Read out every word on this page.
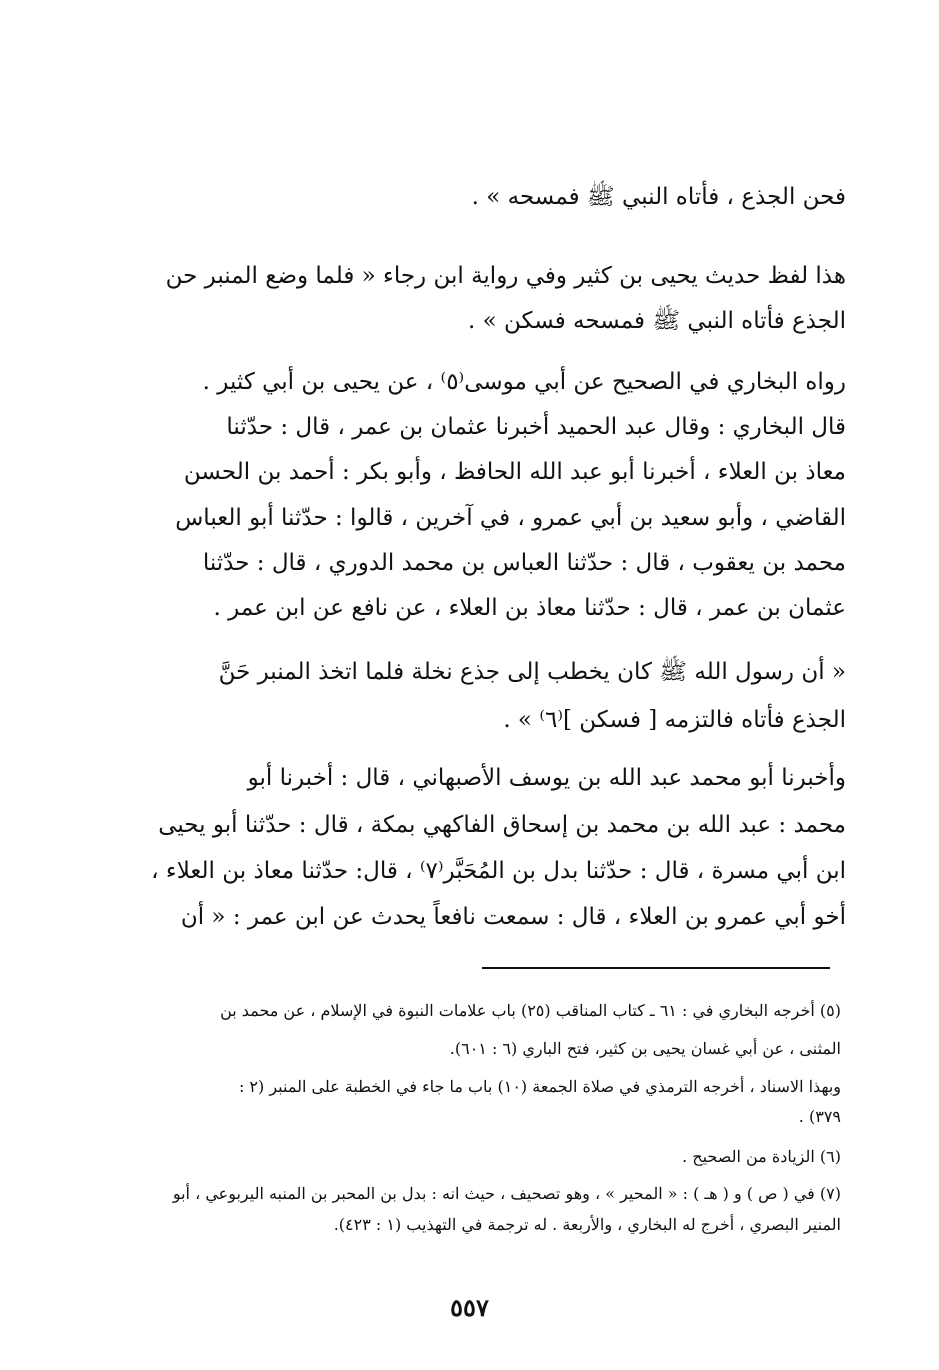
فحن الجذع ، فأتاه النبي ﷺ فمسحه » .
هذا لفظ حديث يحيى بن كثير وفي رواية ابن رجاء « فلما وضع المنبر حن
الجذع فأتاه النبي ﷺ فمسحه فسكن » .
رواه البخاري في الصحيح عن أبي موسى⁽٥⁾ ، عن يحيى بن أبي كثير .
قال البخاري : وقال عبد الحميد أخبرنا عثمان بن عمر ، قال : حدّثنا
معاذ بن العلاء ، أخبرنا أبو عبد الله الحافظ ، وأبو بكر : أحمد بن الحسن
القاضي ، وأبو سعيد بن أبي عمرو ، في آخرين ، قالوا : حدّثنا أبو العباس
محمد بن يعقوب ، قال : حدّثنا العباس بن محمد الدوري ، قال : حدّثنا
عثمان بن عمر ، قال : حدّثنا معاذ بن العلاء ، عن نافع عن ابن عمر .
« أن رسول الله ﷺ كان يخطب إلى جذع نخلة فلما اتخذ المنبر حَنَّ
الجذع فأتاه فالتزمه [ فسكن ]⁽٦⁾ » .
وأخبرنا أبو محمد عبد الله بن يوسف الأصبهاني ، قال : أخبرنا أبو
محمد : عبد الله بن محمد بن إسحاق الفاكهي بمكة ، قال : حدّثنا أبو يحيى
ابن أبي مسرة ، قال : حدّثنا بدل بن المُحَبَّر⁽٧⁾ ، قال: حدّثنا معاذ بن العلاء ،
أخو أبي عمرو بن العلاء ، قال : سمعت نافعاً يحدث عن ابن عمر : « أن
(٥) أخرجه البخاري في : ٦١ ـ كتاب المناقب (٢٥) باب علامات النبوة في الإسلام ، عن محمد بن
المثنى ، عن أبي غسان يحيى بن كثير، فتح الباري (٦ : ٦٠١).
وبهذا الاسناد ، أخرجه الترمذي في صلاة الجمعة (١٠) باب ما جاء في الخطبة على المنبر (٢ :
٣٧٩) .
(٦) الزيادة من الصحيح .
(٧) في ( ص ) و ( هـ ) : « المحير » ، وهو تصحيف ، حيث انه : بدل بن المحبر بن المنبه اليربوعي ، أبو
المنير البصري ، أخرج له البخاري ، والأربعة . له ترجمة في التهذيب (١ : ٤٢٣).
٥٥٧
